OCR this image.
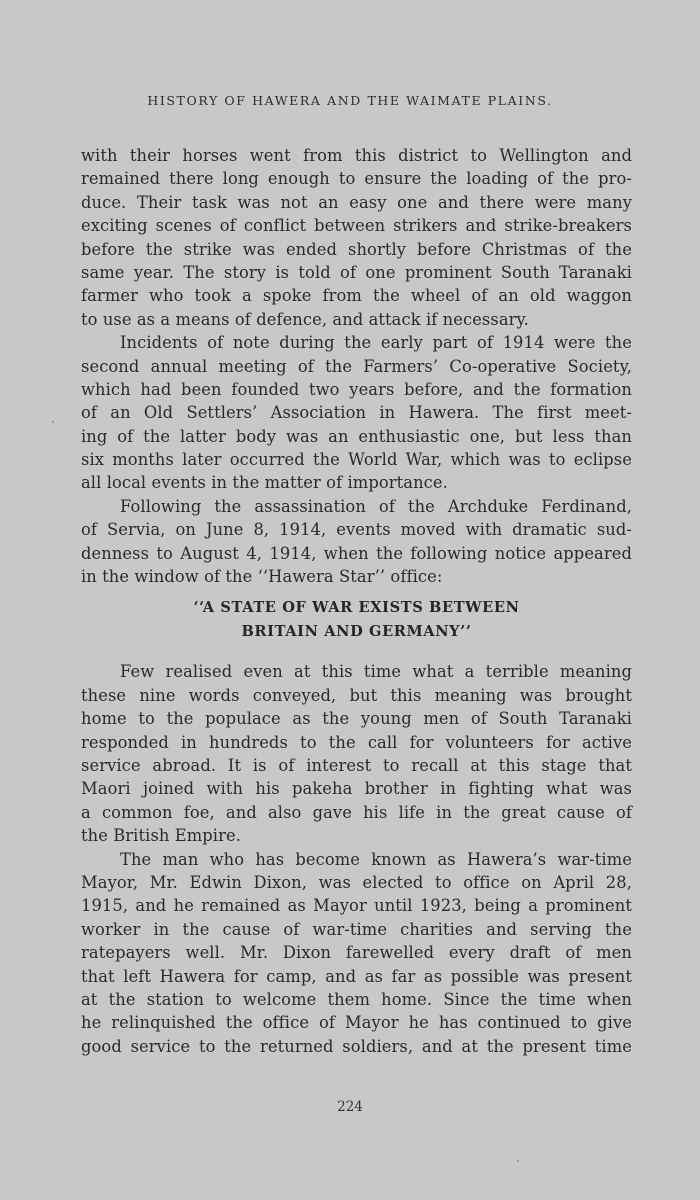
HISTORY OF HAWERA AND THE WAIMATE PLAINS.
with their horses went from this district to Wellington and
remained there long enough to ensure the loading of the pro-
duce. Their task was not an easy one and there were many
exciting scenes of conflict between strikers and strike-breakers
before the strike was ended shortly before Christmas of the
same year. The story is told of one prominent South Taranaki
farmer who took a spoke from the wheel of an old waggon
to use as a means of defence, and attack if necessary.
Incidents of note during the early part of 1914 were the
second annual meeting of the Farmers’ Co-operative Society,
which had been founded two years before, and the formation
of an Old Settlers’ Association in Hawera. The first meet-
ing of the latter body was an enthusiastic one, but less than
six months later occurred the World War, which was to eclipse
all local events in the matter of importance.
Following the assassination of the Archduke Ferdinand,
of Servia, on June 8, 1914, events moved with dramatic sud-
denness to August 4, 1914, when the following notice appeared
in the window of the ‘‘Hawera Star’’ office:
‘‘A STATE OF WAR EXISTS BETWEEN
BRITAIN AND GERMANY’’
Few realised even at this time what a terrible meaning
these nine words conveyed, but this meaning was brought
home to the populace as the young men of South Taranaki
responded in hundreds to the call for volunteers for active
service abroad. It is of interest to recall at this stage that
Maori joined with his pakeha brother in fighting what was
a common foe, and also gave his life in the great cause of
the British Empire.
The man who has become known as Hawera’s war-time
Mayor, Mr. Edwin Dixon, was elected to office on April 28,
1915, and he remained as Mayor until 1923, being a prominent
worker in the cause of war-time charities and serving the
ratepayers well. Mr. Dixon farewelled every draft of men
that left Hawera for camp, and as far as possible was present
at the station to welcome them home. Since the time when
he relinquished the office of Mayor he has continued to give
good service to the returned soldiers, and at the present time
224
